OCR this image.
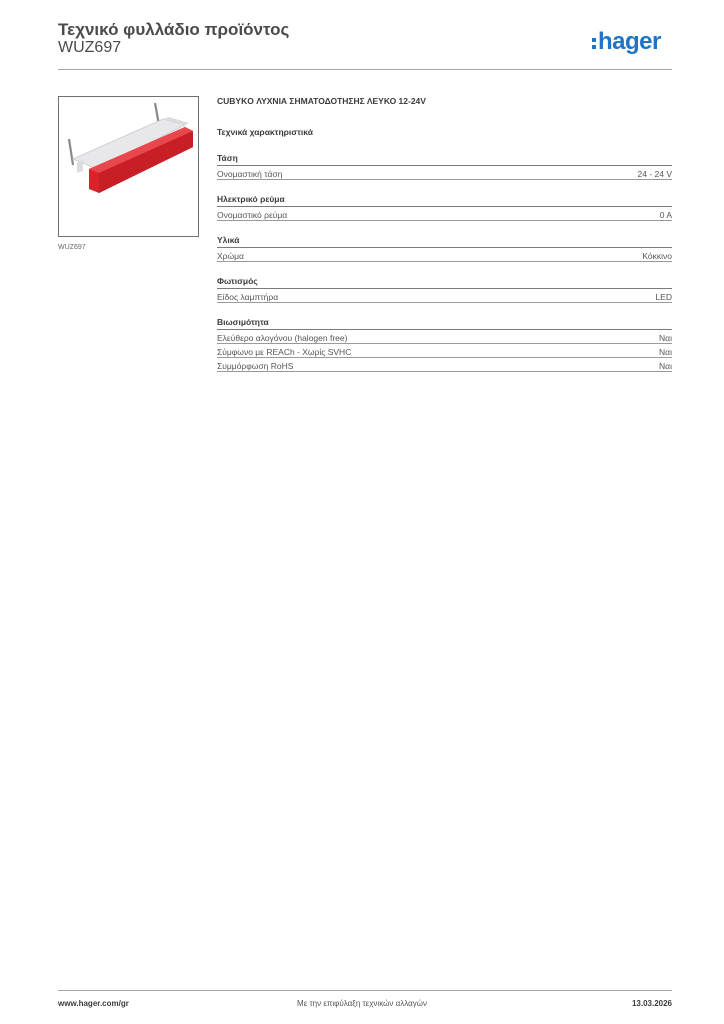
Τεχνικό φυλλάδιο προϊόντος
WUZ697	hager
WUZ697
CUBYKO ΛΥΧΝΙΑ ΣΗΜΑΤΟΔΟΤΗΣΗΣ ΛΕΥΚΟ 12-24V
Τεχνικά χαρακτηριστικά
Τάση
Ονομαστική τάση	24 - 24 V
Ηλεκτρικό ρεύμα
Ονομαστικό ρεύμα	0 A
Υλικά
Χρώμα	Κόκκινο
Φωτισμός
Είδος λαμπτήρα	LED
Βιωσιμότητα
Ελεύθερο αλογόνου (halogen free)	Ναι
Σύμφωνο με REACh - Χωρίς SVHC	Ναι
Συμμόρφωση RoHS	Ναι
Με την επιφύλαξη τεχνικών αλλαγών
www.hager.com/gr	13.03.2026
